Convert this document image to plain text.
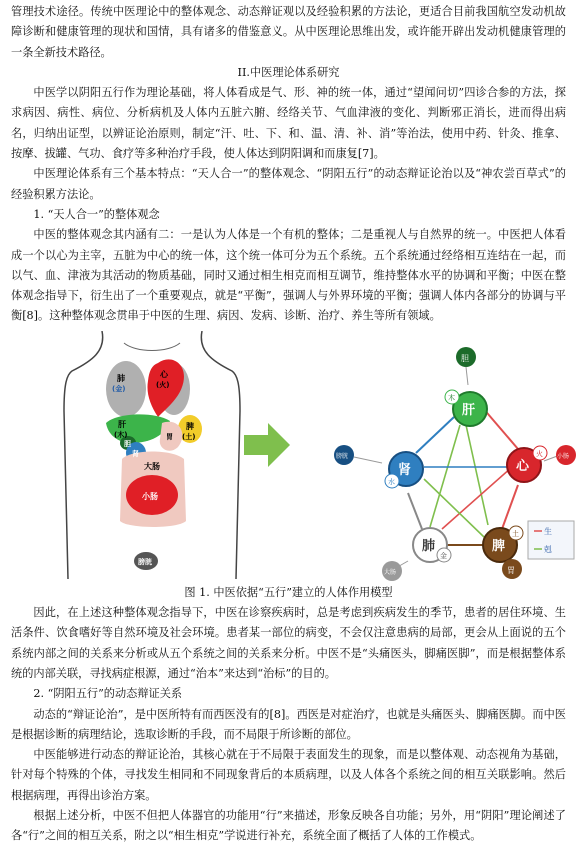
管理技术途径。传统中医理论中的整体观念、动态辩证观以及经验积累的方法论，更适合目前我国航空发动机故障诊断和健康管理的现状和国情，具有诸多的借鉴意义。从中医理论思维出发，或许能开辟出发动机健康管理的一条全新技术路径。

II.中医理论体系研究

中医学以阴阳五行作为理论基础，将人体看成是气、形、神的统一体，通过“望闻问切”四诊合参的方法，探求病因、病性、病位、分析病机及人体内五脏六腑、经络关节、气血津液的变化、判断邪正消长，进而得出病名，归纳出证型，以辨证论治原则，制定“汗、吐、下、和、温、清、补、消”等治法，使用中药、针灸、推拿、按摩、拔罐、气功、食疗等多种治疗手段，使人体达到阴阳调和而康复[7]。

中医理论体系有三个基本特点：“天人合一”的整体观念、“阴阳五行”的动态辩证论治以及“神农尝百草式”的经验积累方法论。

1. “天人合一”的整体观念

中医的整体观念其内涵有二：一是认为人体是一个有机的整体；二是重视人与自然界的统一。中医把人体看成一个以心为主宰，五脏为中心的统一体，这个统一体可分为五个系统。五个系统通过经络相互连结在一起，而以气、血、津液为其活动的物质基础，同时又通过相生相克而相互调节，维持整体水平的协调和平衡；中医在整体观念指导下，衍生出了一个重要观点，就是“平衡”，强调人与外界环境的平衡；强调人体内各部分的协调与平衡[8]。这种整体观念贯串于中医的生理、病因、发病、诊断、治疗、养生等所有领域。

肺
(金)
心
(火)
肝
(木)
脾
(土)
胆
胃
肾
大肠
小肠
膀胱
肝
木
心
火
脾
土
肺
金
肾
水
胆
小肠
胃
大肠
膀胱
生
剋

图 1. 中医依据“五行”建立的人体作用模型

因此，在上述这种整体观念指导下，中医在诊察疾病时，总是考虑到疾病发生的季节，患者的居住环境、生活条件、饮食嗜好等自然环境及社会环境。患者某一部位的病变，不会仅注意患病的局部，更会从上面说的五个系统内部之间的关系来分析或从五个系统之间的关系来分析。中医不是“头痛医头，脚痛医脚”，而是根据整体系统的内部关联，寻找病症根源，通过“治本”来达到“治标”的目的。

2. “阴阳五行”的动态辩证关系

动态的“辩证论治”，是中医所特有而西医没有的[8]。西医是对症治疗，也就是头痛医头、脚痛医脚。而中医是根据诊断的病理结论，选取诊断的手段，而不局限于所诊断的部位。

中医能够进行动态的辩证论治，其核心就在于不局限于表面发生的现象，而是以整体观、动态视角为基础，针对每个特殊的个体，寻找发生相同和不同现象背后的本质病理，以及人体各个系统之间的相互关联影响。然后根据病理，再得出诊治方案。

根据上述分析，中医不但把人体器官的功能用“行”来描述，形象反映各自功能；另外，用“阴阳”理论阐述了各“行”之间的相互关系，附之以“相生相克”学说进行补充，系统全面了概括了人体的工作模式。
